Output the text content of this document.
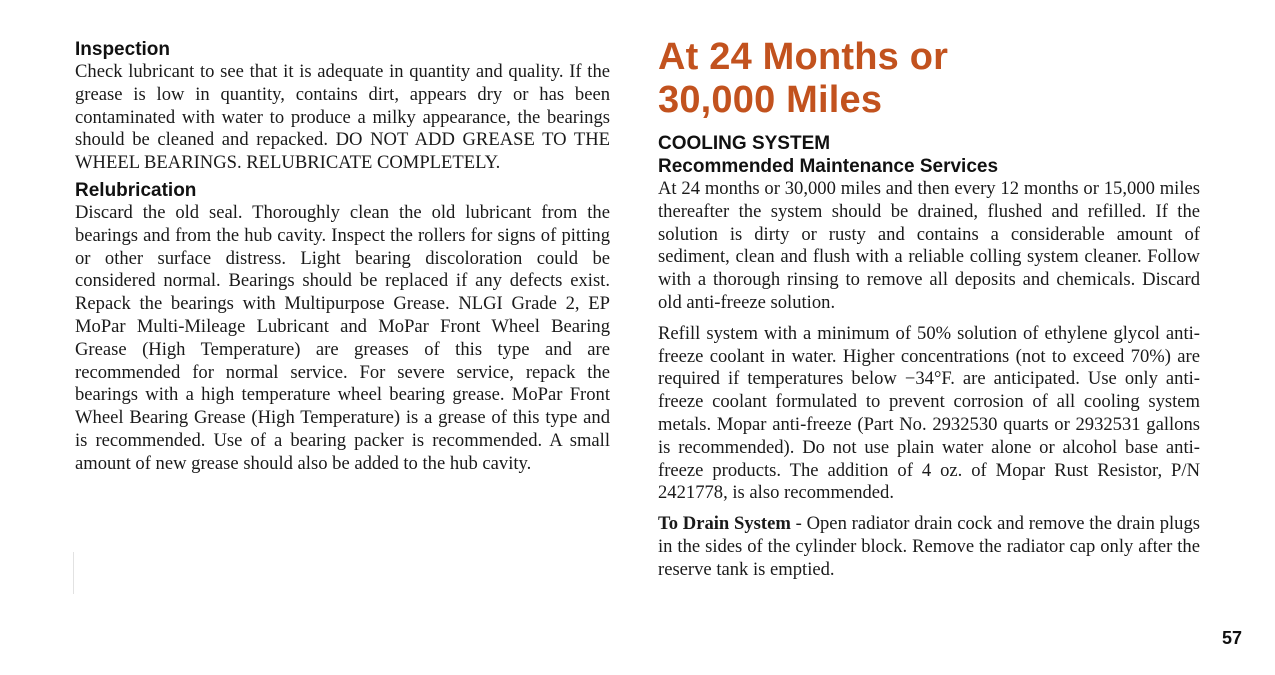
Inspection

Check lubricant to see that it is adequate in quantity and quality. If the grease is low in quantity, contains dirt, appears dry or has been contaminated with water to produce a milky appearance, the bearings should be cleaned and repacked. DO NOT ADD GREASE TO THE WHEEL BEARINGS. RELUBRICATE COMPLETELY.

Relubrication

Discard the old seal. Thoroughly clean the old lubricant from the bearings and from the hub cavity. Inspect the rollers for signs of pitting or other surface distress. Light bearing discoloration could be considered normal. Bearings should be replaced if any defects exist. Repack the bearings with Multipurpose Grease. NLGI Grade 2, EP MoPar Multi-Mileage Lubricant and MoPar Front Wheel Bearing Grease (High Temperature) are greases of this type and are recommended for normal service. For severe service, repack the bearings with a high temperature wheel bearing grease. MoPar Front Wheel Bearing Grease (High Temperature) is a grease of this type and is recommended. Use of a bearing packer is recommended. A small amount of new grease should also be added to the hub cavity.

At 24 Months or
30,000 Miles
COOLING SYSTEM
Recommended Maintenance Services

At 24 months or 30,000 miles and then every 12 months or 15,000 miles thereafter the system should be drained, flushed and refilled. If the solution is dirty or rusty and contains a considerable amount of sediment, clean and flush with a reliable colling system cleaner. Follow with a thorough rinsing to remove all deposits and chemicals. Discard old anti-freeze solution.

Refill system with a minimum of 50% solution of ethylene glycol anti-freeze coolant in water. Higher concentrations (not to exceed 70%) are required if temperatures below −34°F. are anticipated. Use only anti-freeze coolant formulated to prevent corrosion of all cooling system metals. Mopar anti-freeze (Part No. 2932530 quarts or 2932531 gallons is recommended). Do not use plain water alone or alcohol base anti-freeze products. The addition of 4 oz. of Mopar Rust Resistor, P/N 2421778, is also recommended.

To Drain System - Open radiator drain cock and remove the drain plugs in the sides of the cylinder block. Remove the radiator cap only after the reserve tank is emptied.

57
